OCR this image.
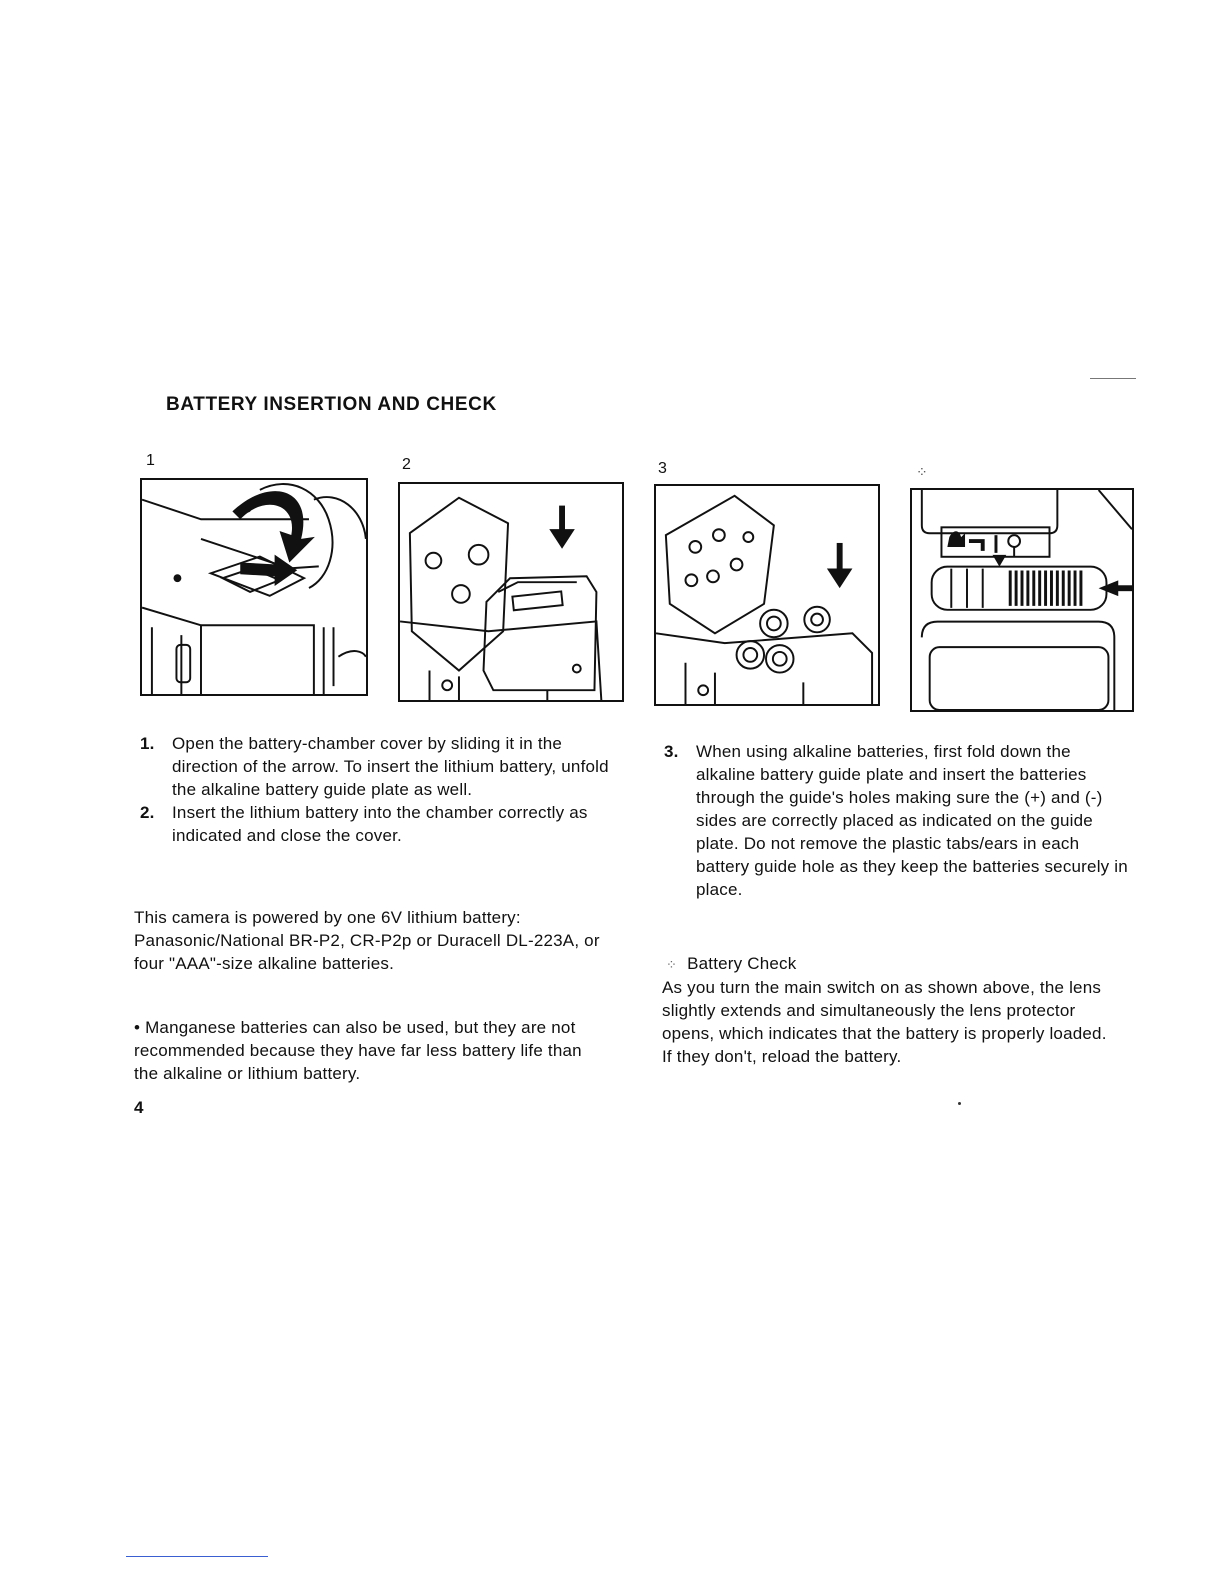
BATTERY INSERTION AND CHECK
1	2	3	⁘
1. Open the battery-chamber cover by sliding it in the direction of the arrow. To insert the lithium battery, unfold the alkaline battery guide plate as well.
2. Insert the lithium battery into the chamber correctly as indicated and close the cover.
This camera is powered by one 6V lithium battery: Panasonic/National BR-P2, CR-P2p or Duracell DL-223A, or four "AAA"-size alkaline batteries.
• Manganese batteries can also be used, but they are not recommended because they have far less battery life than the alkaline or lithium battery.
4
3. When using alkaline batteries, first fold down the alkaline battery guide plate and insert the batteries through the guide's holes making sure the (+) and (-) sides are correctly placed as indicated on the guide plate. Do not remove the plastic tabs/ears in each battery guide hole as they keep the batteries securely in place.
⁘ Battery Check
As you turn the main switch on as shown above, the lens slightly extends and simultaneously the lens protector opens, which indicates that the battery is properly loaded. If they don't, reload the battery.
